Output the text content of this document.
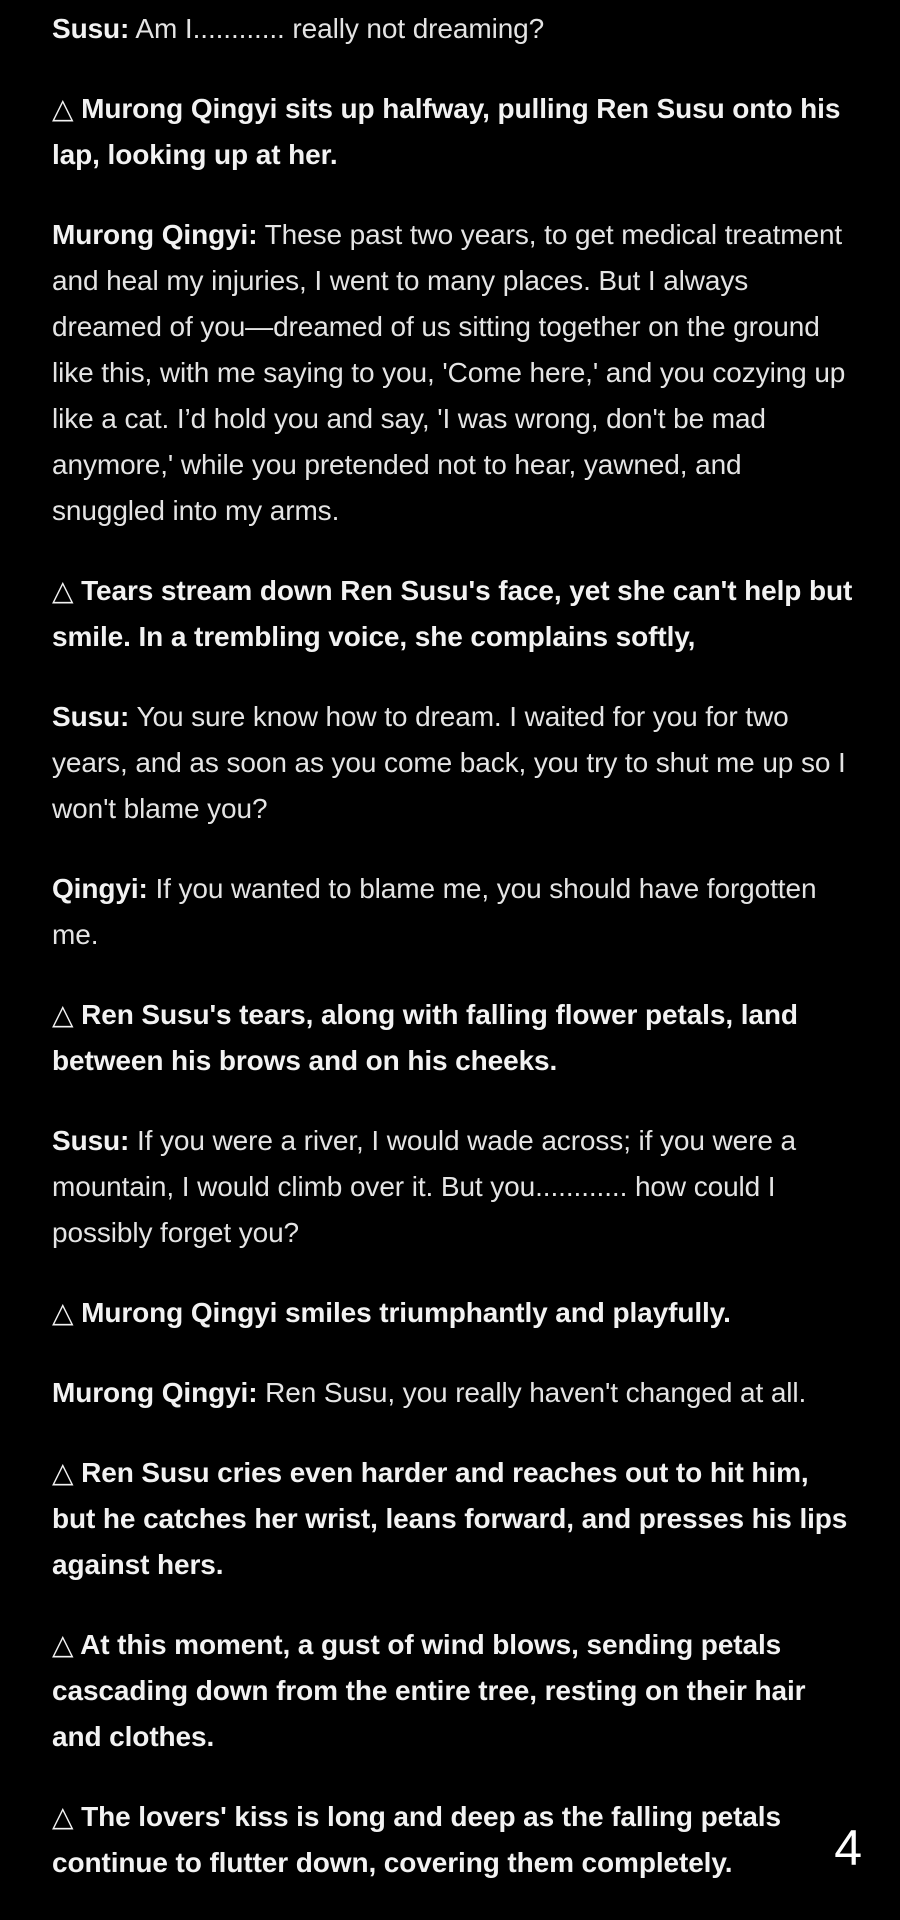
Susu: Am I............ really not dreaming?

△ Murong Qingyi sits up halfway, pulling Ren Susu onto his lap, looking up at her.

Murong Qingyi: These past two years, to get medical treatment and heal my injuries, I went to many places. But I always dreamed of you—dreamed of us sitting together on the ground like this, with me saying to you, 'Come here,' and you cozying up like a cat. I’d hold you and say, 'I was wrong, don't be mad anymore,' while you pretended not to hear, yawned, and snuggled into my arms.

△ Tears stream down Ren Susu's face, yet she can't help but smile. In a trembling voice, she complains softly,

Susu: You sure know how to dream. I waited for you for two years, and as soon as you come back, you try to shut me up so I won't blame you?

Qingyi: If you wanted to blame me, you should have forgotten me.

△ Ren Susu's tears, along with falling flower petals, land between his brows and on his cheeks.

Susu: If you were a river, I would wade across; if you were a mountain, I would climb over it. But you............ how could I possibly forget you?

△ Murong Qingyi smiles triumphantly and playfully.

Murong Qingyi: Ren Susu, you really haven't changed at all.

△ Ren Susu cries even harder and reaches out to hit him, but he catches her wrist, leans forward, and presses his lips against hers.

△ At this moment, a gust of wind blows, sending petals cascading down from the entire tree, resting on their hair and clothes.

△ The lovers' kiss is long and deep as the falling petals continue to flutter down, covering them completely.	4
